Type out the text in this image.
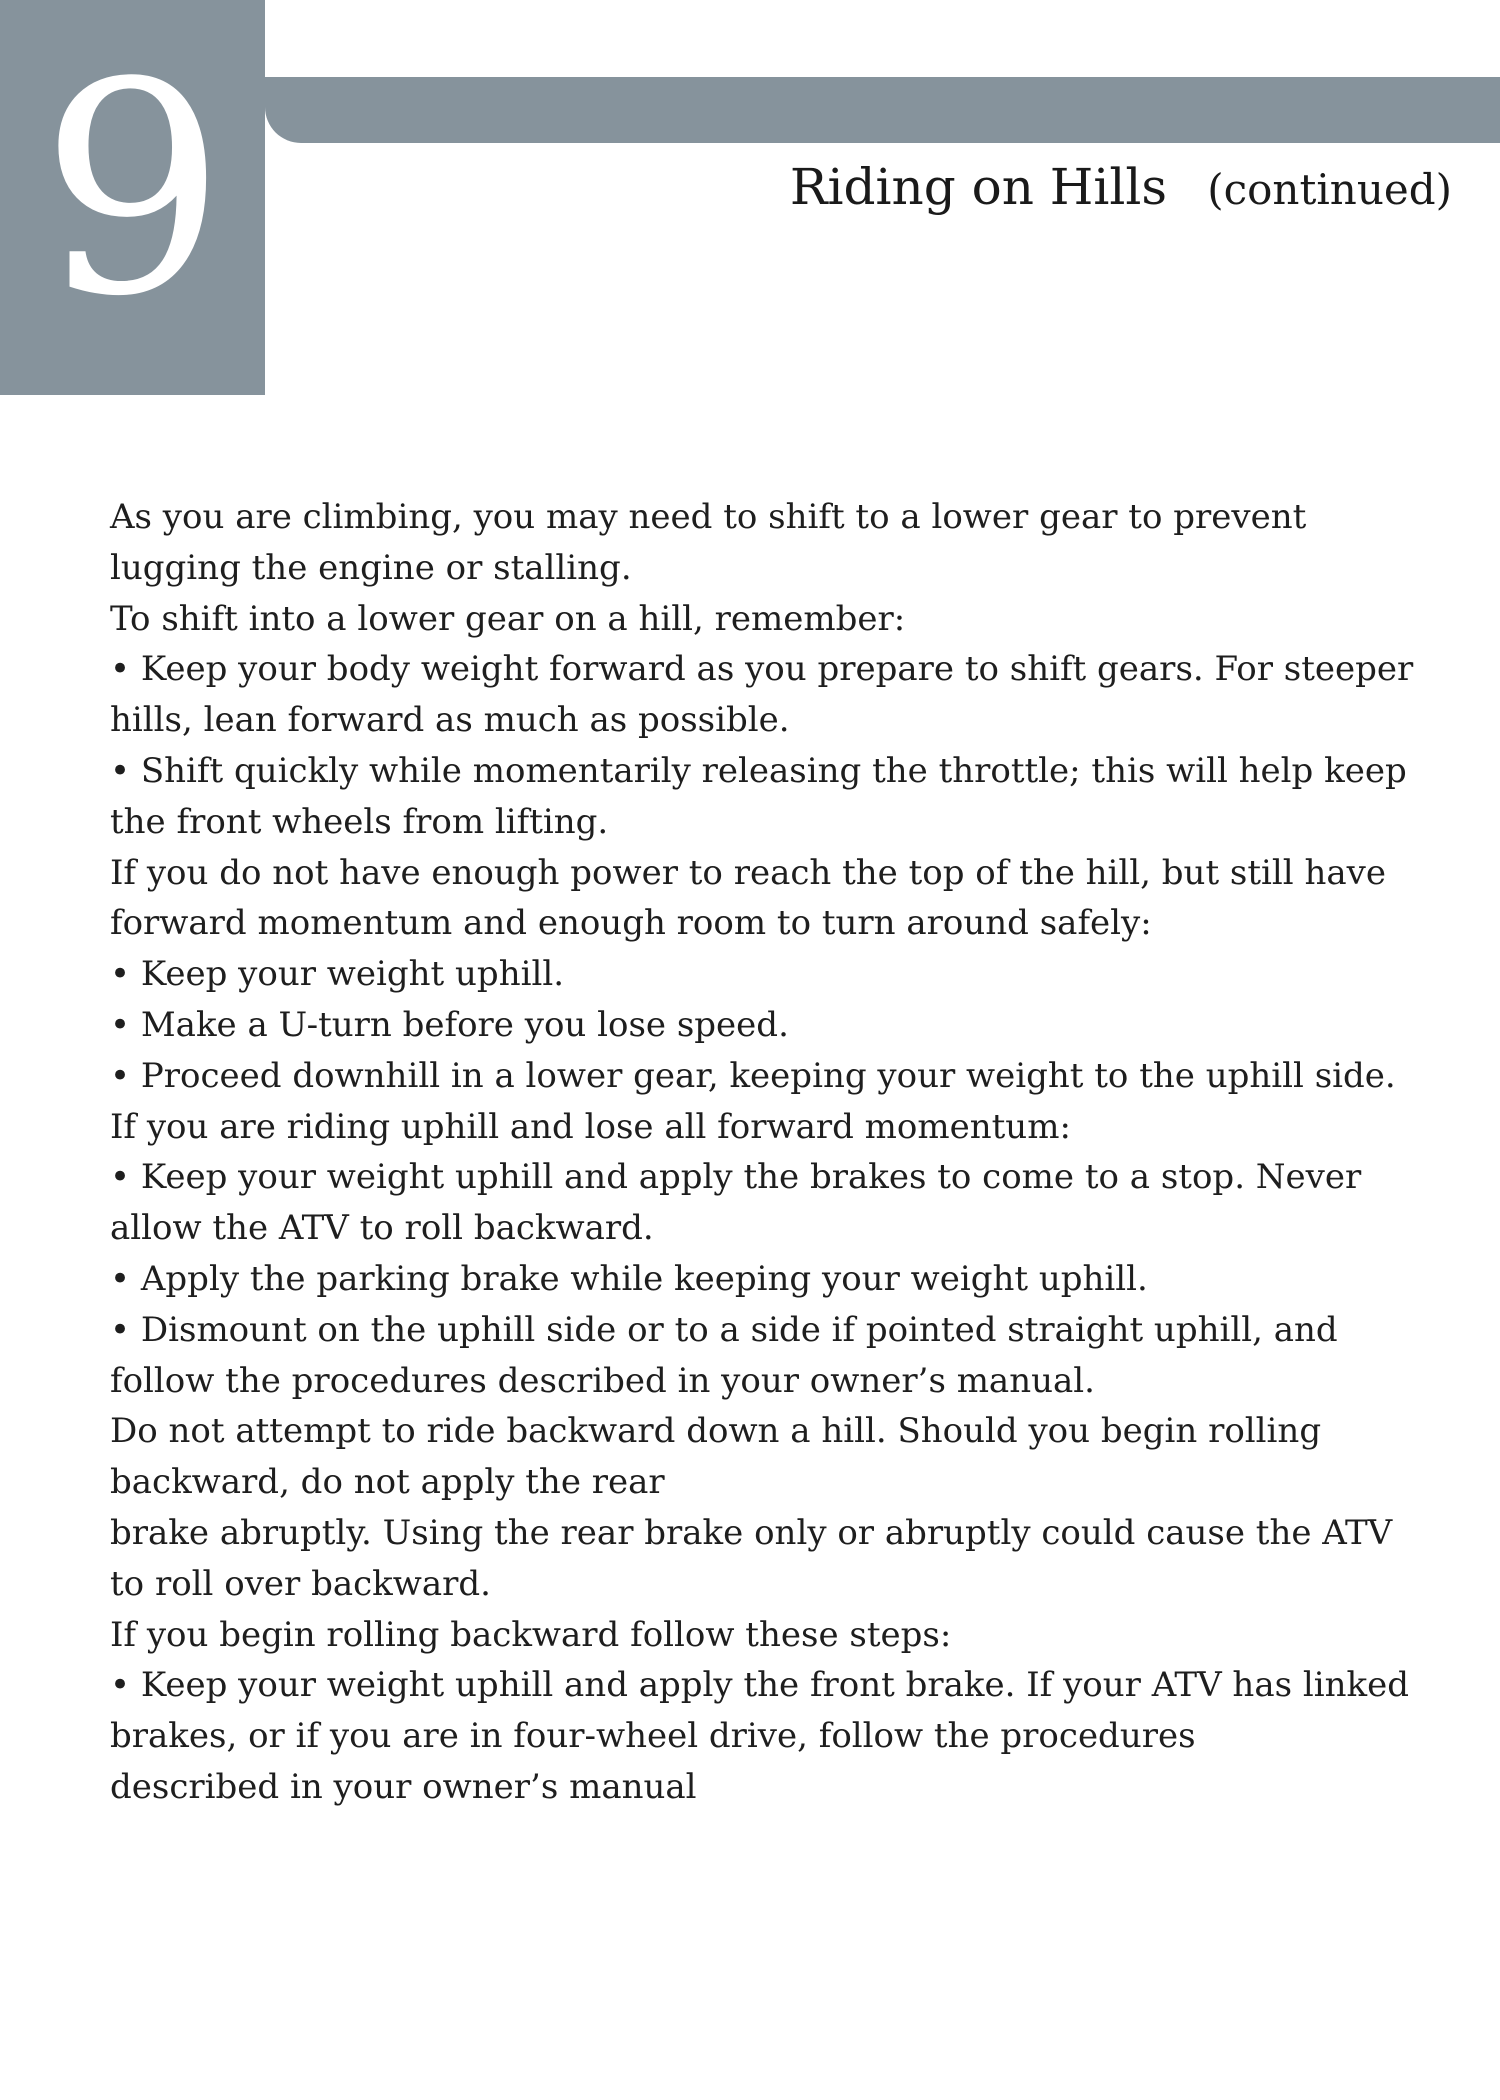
9	Riding on Hills (continued)

As you are climbing, you may need to shift to a lower gear to prevent lugging the engine or stalling.

To shift into a lower gear on a hill, remember:

• Keep your body weight forward as you prepare to shift gears. For steeper hills, lean forward as much as possible.

• Shift quickly while momentarily releasing the throttle; this will help keep the front wheels from lifting.

If you do not have enough power to reach the top of the hill, but still have forward momentum and enough room to turn around safely:

• Keep your weight uphill.

• Make a U-turn before you lose speed.

• Proceed downhill in a lower gear, keeping your weight to the uphill side.

If you are riding uphill and lose all forward momentum:

• Keep your weight uphill and apply the brakes to come to a stop. Never allow the ATV to roll backward.

• Apply the parking brake while keeping your weight uphill.

• Dismount on the uphill side or to a side if pointed straight uphill, and follow the procedures described in your owner’s manual.

Do not attempt to ride backward down a hill. Should you begin rolling backward, do not apply the rear

brake abruptly. Using the rear brake only or abruptly could cause the ATV to roll over backward.

If you begin rolling backward follow these steps:

• Keep your weight uphill and apply the front brake. If your ATV has linked brakes, or if you are in four-wheel drive, follow the procedures

described in your owner’s manual
